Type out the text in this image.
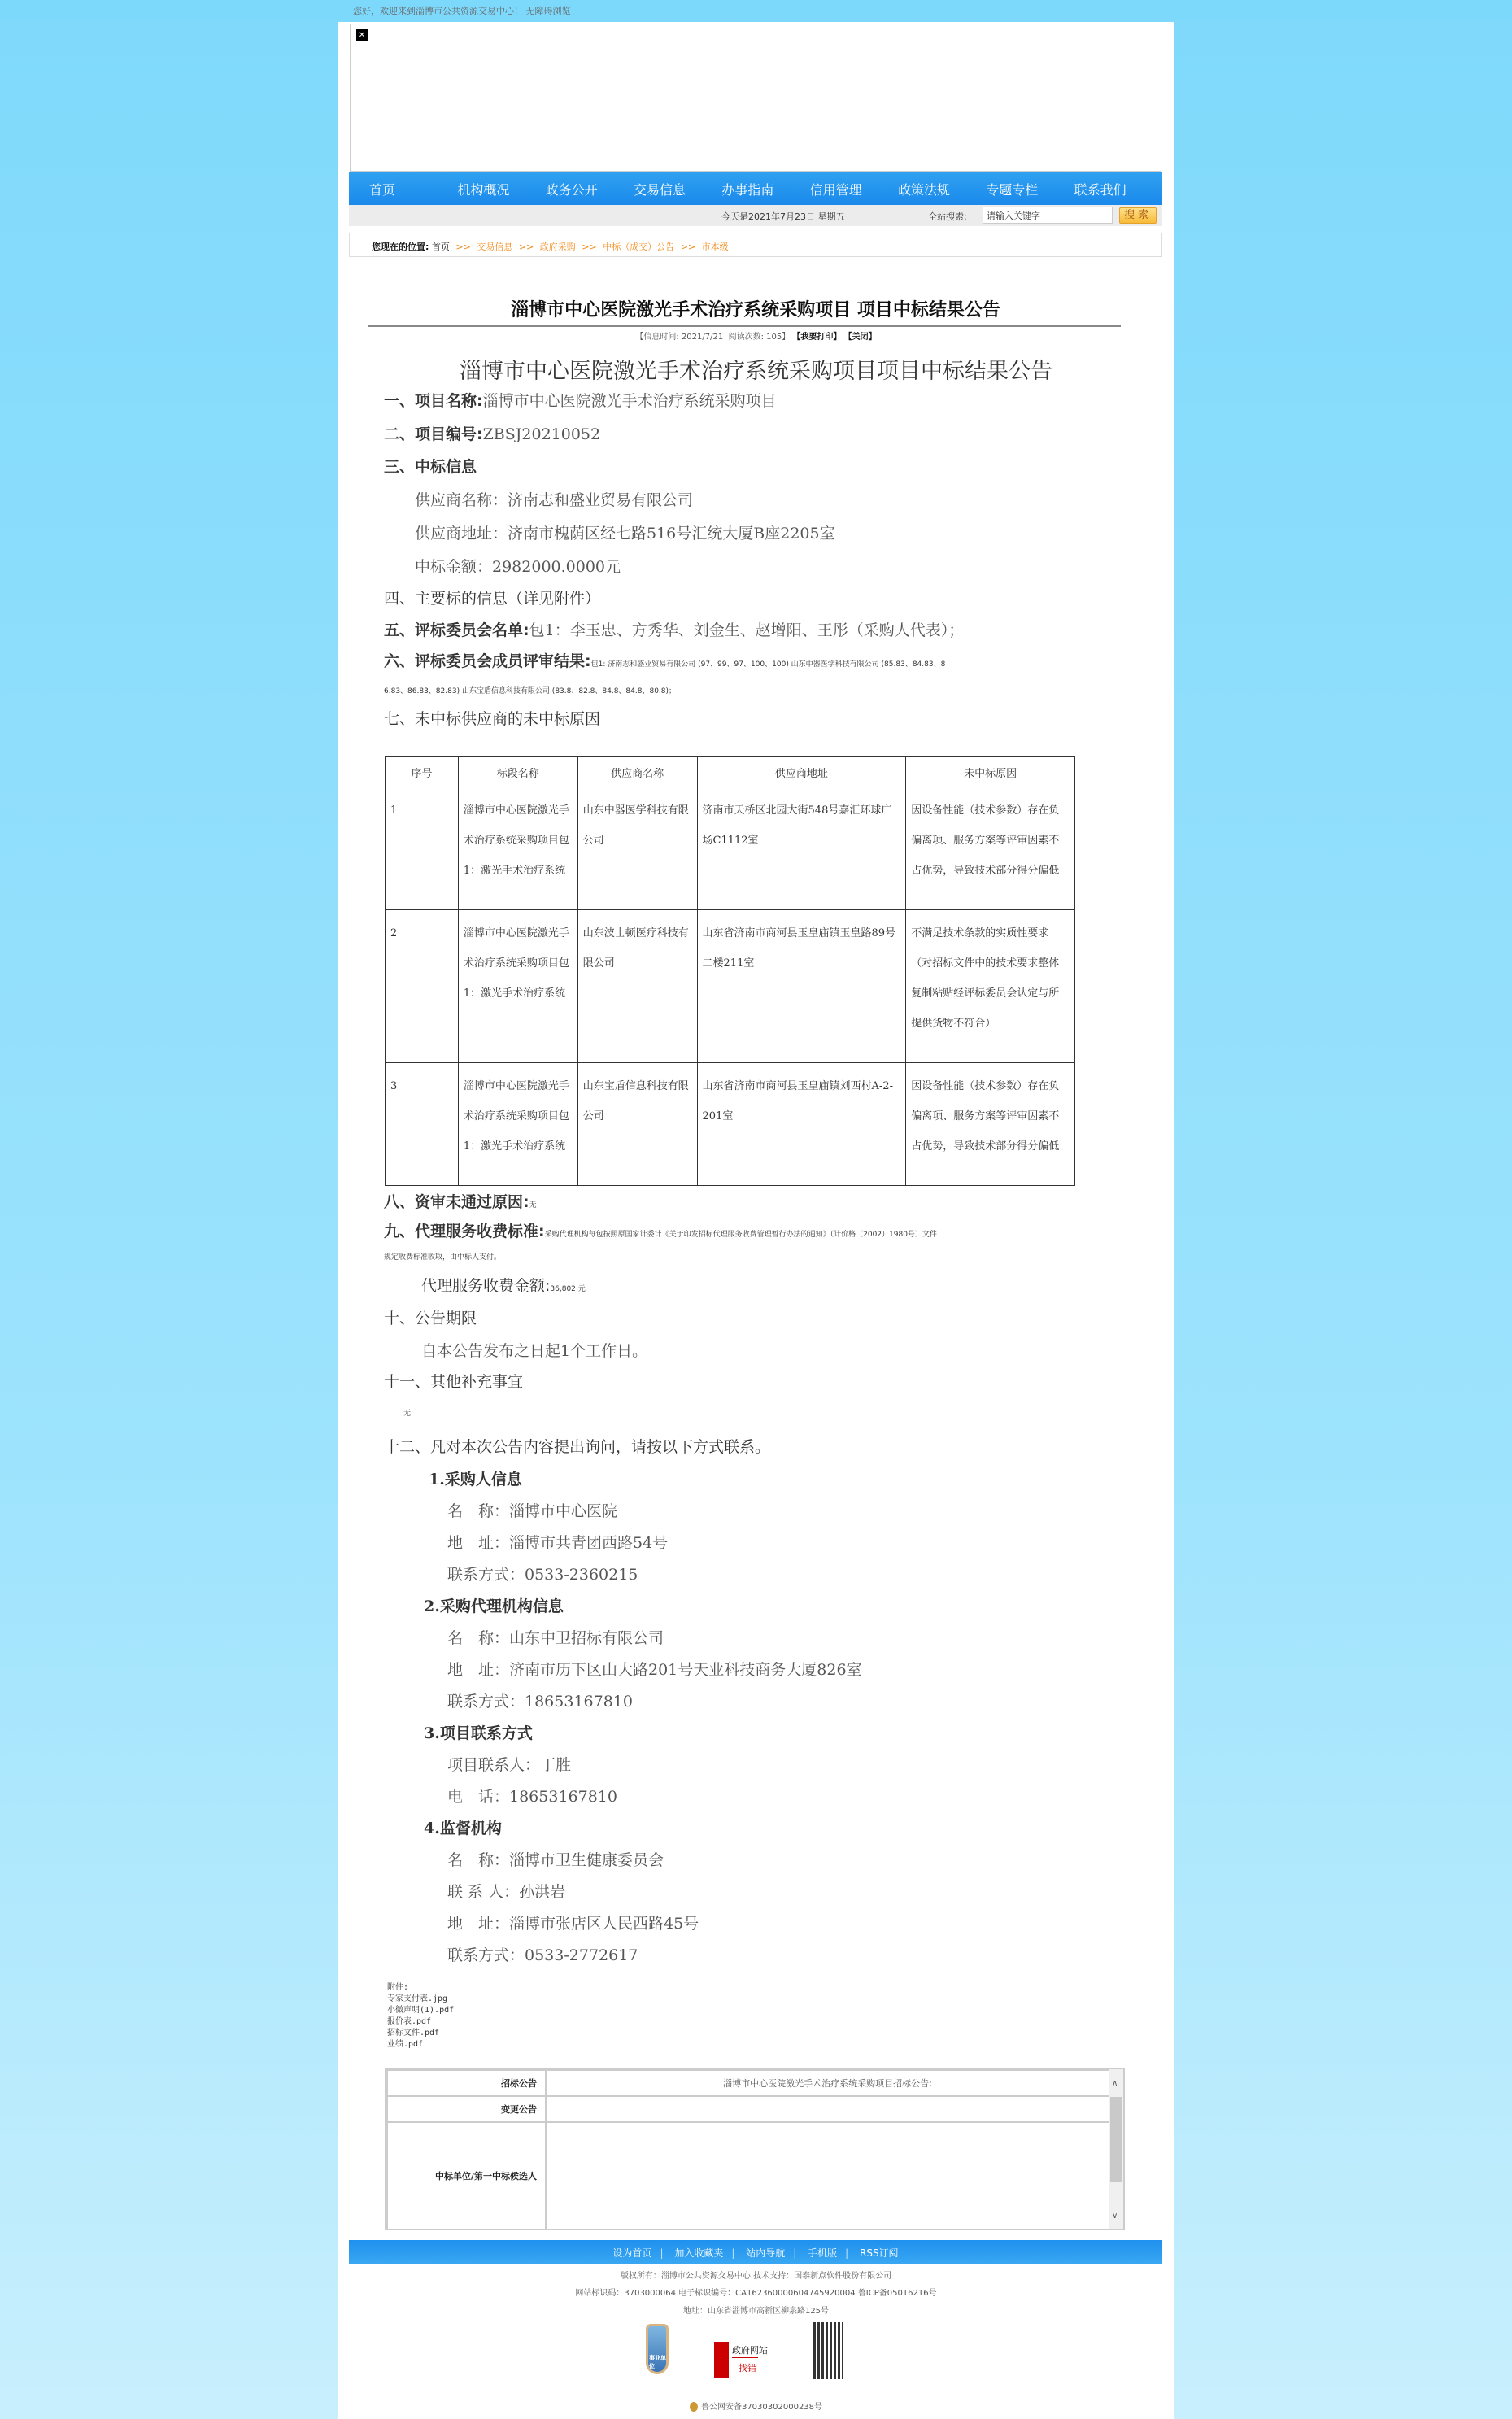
您好，欢迎来到淄博市公共资源交易中心！ 无障碍浏览
✕
首页	机构概况	政务公开	交易信息	办事指南	信用管理	政策法规	专题专栏	联系我们
今天是2021年7月23日 星期五	全站搜索:
请输入关键字	搜索
您现在的位置: 首页 >> 交易信息 >> 政府采购 >> 中标（成交）公告 >> 市本级
淄博市中心医院激光手术治疗系统采购项目 项目中标结果公告
【信息时间: 2021/7/21 阅读次数: 105】 【我要打印】 【关闭】
淄博市中心医院激光手术治疗系统采购项目项目中标结果公告
一、项目名称:淄博市中心医院激光手术治疗系统采购项目
二、项目编号:ZBSJ20210052
三、中标信息
供应商名称：济南志和盛业贸易有限公司
供应商地址：济南市槐荫区经七路516号汇统大厦B座2205室
中标金额：2982000.0000元
四、主要标的信息（详见附件）
五、评标委员会名单:包1：李玉忠、方秀华、刘金生、赵增阳、王彤（采购人代表）；
六、评标委员会成员评审结果:包1: 济南志和盛业贸易有限公司 (97、99、97、100、100) 山东中器医学科技有限公司 (85.83、84.83、8
6.83、86.83、82.83) 山东宝盾信息科技有限公司 (83.8、82.8、84.8、84.8、80.8)；
七、未中标供应商的未中标原因
序号	标段名称	供应商名称	供应商地址	未中标原因
1	淄博市中心医院激光手术治疗系统采购项目包1：激光手术治疗系统	山东中器医学科技有限公司	济南市天桥区北园大街548号嘉汇环球广场C1112室	因设备性能（技术参数）存在负偏离项、服务方案等评审因素不占优势，导致技术部分得分偏低
2	淄博市中心医院激光手术治疗系统采购项目包1：激光手术治疗系统	山东波士顿医疗科技有限公司	山东省济南市商河县玉皇庙镇玉皇路89号二楼211室	不满足技术条款的实质性要求（对招标文件中的技术要求整体复制粘贴经评标委员会认定与所提供货物不符合）
3	淄博市中心医院激光手术治疗系统采购项目包1：激光手术治疗系统	山东宝盾信息科技有限公司	山东省济南市商河县玉皇庙镇刘西村A-2-201室	因设备性能（技术参数）存在负偏离项、服务方案等评审因素不占优势，导致技术部分得分偏低
八、资审未通过原因:无
九、代理服务收费标准:采购代理机构每包按照原国家计委计《关于印发招标代理服务收费管理暂行办法的通知》（计价格（2002）1980号）文件
规定收费标准收取，由中标人支付。
代理服务收费金额:36,802 元
十、公告期限
自本公告发布之日起1个工作日。
十一、其他补充事宜
无
十二、凡对本次公告内容提出询问，请按以下方式联系。
1.采购人信息
名　称：淄博市中心医院
地　址：淄博市共青团西路54号
联系方式：0533-2360215
2.采购代理机构信息
名　称：山东中卫招标有限公司
地　址：济南市历下区山大路201号天业科技商务大厦826室
联系方式：18653167810
3.项目联系方式
项目联系人：丁胜
电　话：18653167810
4.监督机构
名　称：淄博市卫生健康委员会
联 系 人：孙洪岩
地　址：淄博市张店区人民西路45号
联系方式：0533-2772617
附件:
专家支付表.jpg
小微声明(1).pdf
报价表.pdf
招标文件.pdf
业绩.pdf
招标公告	淄博市中心医院激光手术治疗系统采购项目招标公告;
变更公告	
中标单位/第一中标候选人	
∧
∨
设为首页 | 加入收藏夹 | 站内导航 | 手机版 | RSS订阅
版权所有：淄博市公共资源交易中心 技术支持：国泰新点软件股份有限公司
网站标识码：3703000064 电子标识编号：CA162360000604745920004 鲁ICP备05016216号
地址：山东省淄博市高新区柳泉路125号
事业单位
政府网站
找错
鲁公网安备37030302000238号
